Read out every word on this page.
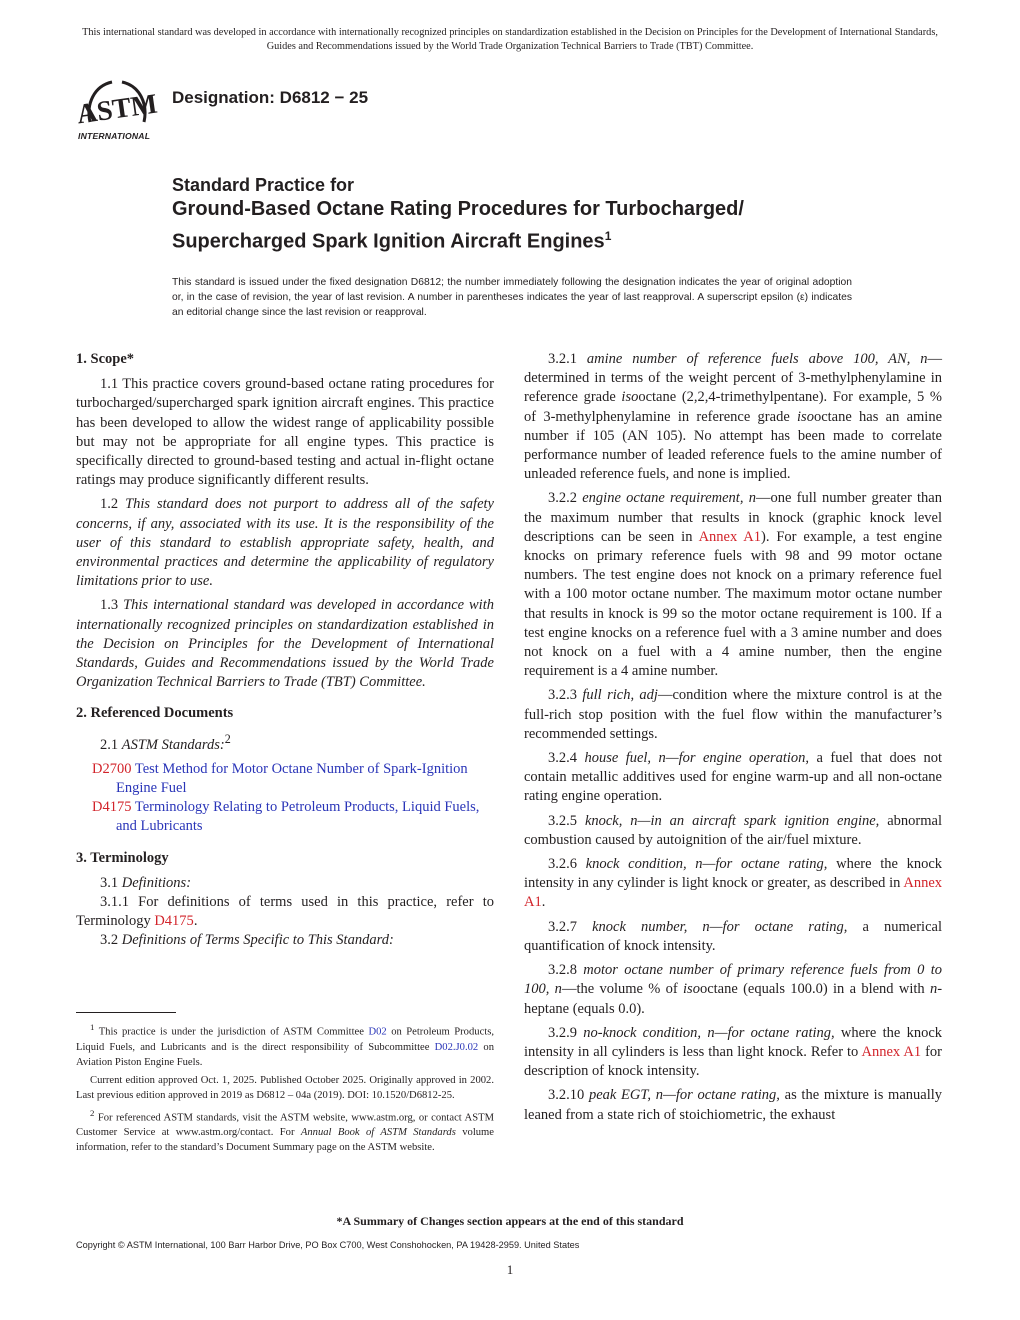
This international standard was developed in accordance with internationally recognized principles on standardization established in the Decision on Principles for the Development of International Standards, Guides and Recommendations issued by the World Trade Organization Technical Barriers to Trade (TBT) Committee.
ASTM
INTERNATIONAL
Designation: D6812 − 25
Standard Practice for
Ground-Based Octane Rating Procedures for Turbocharged/
Supercharged Spark Ignition Aircraft Engines$^1$
This standard is issued under the fixed designation D6812; the number immediately following the designation indicates the year of original adoption or, in the case of revision, the year of last revision. A number in parentheses indicates the year of last reapproval. A superscript epsilon (ε) indicates an editorial change since the last revision or reapproval.
1. Scope*

1.1 This practice covers ground-based octane rating procedures for turbocharged/supercharged spark ignition aircraft engines. This practice has been developed to allow the widest range of applicability possible but may not be appropriate for all engine types. This practice is specifically directed to ground-based testing and actual in-flight octane ratings may produce significantly different results.

1.2 This standard does not purport to address all of the safety concerns, if any, associated with its use. It is the responsibility of the user of this standard to establish appropriate safety, health, and environmental practices and determine the applicability of regulatory limitations prior to use.

1.3 This international standard was developed in accordance with internationally recognized principles on standardization established in the Decision on Principles for the Development of International Standards, Guides and Recommendations issued by the World Trade Organization Technical Barriers to Trade (TBT) Committee.

2. Referenced Documents

2.1 ASTM Standards:$^2$

D2700 Test Method for Motor Octane Number of Spark-Ignition Engine Fuel

D4175 Terminology Relating to Petroleum Products, Liquid Fuels, and Lubricants

3. Terminology

3.1 Definitions:

3.1.1 For definitions of terms used in this practice, refer to Terminology D4175.

3.2 Definitions of Terms Specific to This Standard:

3.2.1 amine number of reference fuels above 100, AN, n—determined in terms of the weight percent of 3-methylphenylamine in reference grade isooctane (2,2,4-trimethylpentane). For example, 5 % of 3-methylphenylamine in reference grade isooctane has an amine number if 105 (AN 105). No attempt has been made to correlate performance number of leaded reference fuels to the amine number of unleaded reference fuels, and none is implied.

3.2.2 engine octane requirement, n—one full number greater than the maximum number that results in knock (graphic knock level descriptions can be seen in Annex A1). For example, a test engine knocks on primary reference fuels with 98 and 99 motor octane numbers. The test engine does not knock on a primary reference fuel with a 100 motor octane number. The maximum motor octane number that results in knock is 99 so the motor octane requirement is 100. If a test engine knocks on a reference fuel with a 3 amine number and does not knock on a fuel with a 4 amine number, then the engine requirement is a 4 amine number.

3.2.3 full rich, adj—condition where the mixture control is at the full-rich stop position with the fuel flow within the manufacturer’s recommended settings.

3.2.4 house fuel, n—for engine operation, a fuel that does not contain metallic additives used for engine warm-up and all non-octane rating engine operation.

3.2.5 knock, n—in an aircraft spark ignition engine, abnormal combustion caused by autoignition of the air/fuel mixture.

3.2.6 knock condition, n—for octane rating, where the knock intensity in any cylinder is light knock or greater, as described in Annex A1.

3.2.7 knock number, n—for octane rating, a numerical quantification of knock intensity.

3.2.8 motor octane number of primary reference fuels from 0 to 100, n—the volume % of isooctane (equals 100.0) in a blend with n-heptane (equals 0.0).

3.2.9 no-knock condition, n—for octane rating, where the knock intensity in all cylinders is less than light knock. Refer to Annex A1 for description of knock intensity.

3.2.10 peak EGT, n—for octane rating, as the mixture is manually leaned from a state rich of stoichiometric, the exhaust

$^1$ This practice is under the jurisdiction of ASTM Committee D02 on Petroleum Products, Liquid Fuels, and Lubricants and is the direct responsibility of Subcommittee D02.J0.02 on Aviation Piston Engine Fuels.

Current edition approved Oct. 1, 2025. Published October 2025. Originally approved in 2002. Last previous edition approved in 2019 as D6812 – 04a (2019). DOI: 10.1520/D6812-25.

$^2$ For referenced ASTM standards, visit the ASTM website, www.astm.org, or contact ASTM Customer Service at www.astm.org/contact. For Annual Book of ASTM Standards volume information, refer to the standard’s Document Summary page on the ASTM website.

*A Summary of Changes section appears at the end of this standard
Copyright © ASTM International, 100 Barr Harbor Drive, PO Box C700, West Conshohocken, PA 19428-2959. United States
1
